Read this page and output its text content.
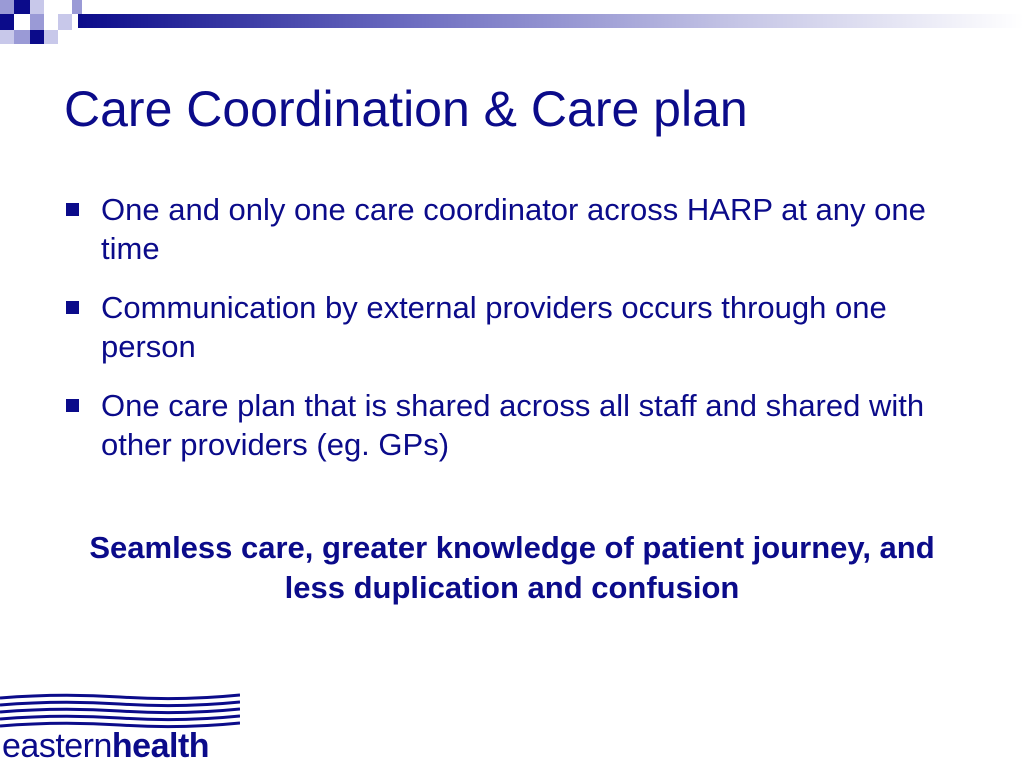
Care Coordination & Care plan
One and only one care coordinator across HARP at any one time
Communication by external providers occurs through one person
One care plan that is shared across all staff and shared with other providers (eg. GPs)

Seamless care, greater knowledge of patient journey, and less duplication and confusion

easternhealth
